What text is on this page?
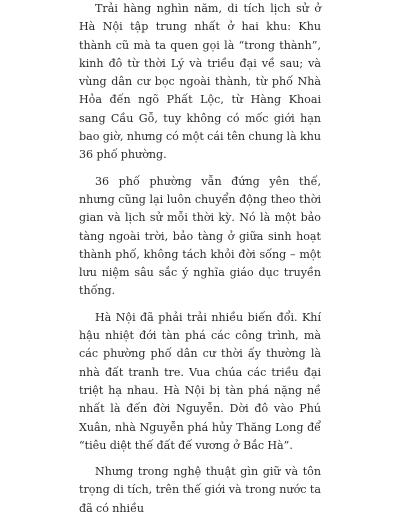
Trải hàng nghìn năm, di tích lịch sử ở Hà Nội tập trung nhất ở hai khu: Khu thành cũ mà ta quen gọi là “trong thành”, kinh đô từ thời Lý và triều đại về sau; và vùng dân cư bọc ngoài thành, từ phố Nhà Hỏa đến ngõ Phất Lộc, từ Hàng Khoai sang Cầu Gỗ, tuy không có mốc giới hạn bao giờ, nhưng có một cái tên chung là khu 36 phố phường.

36 phố phường vẫn đứng yên thế, nhưng cũng lại luôn chuyển động theo thời gian và lịch sử mỗi thời kỳ. Nó là một bảo tàng ngoài trời, bảo tàng ở giữa sinh hoạt thành phố, không tách khỏi đời sống – một lưu niệm sâu sắc ý nghĩa giáo dục truyền thống.

Hà Nội đã phải trải nhiều biến đổi. Khí hậu nhiệt đới tàn phá các công trình, mà các phường phố dân cư thời ấy thường là nhà đất tranh tre. Vua chúa các triều đại triệt hạ nhau. Hà Nội bị tàn phá nặng nề nhất là đến đời Nguyễn. Dời đô vào Phú Xuân, nhà Nguyễn phá hủy Thăng Long để “tiêu diệt thế đất đế vương ở Bắc Hà”.

Nhưng trong nghệ thuật gìn giữ và tôn trọng di tích, trên thế giới và trong nước ta đã có nhiều
